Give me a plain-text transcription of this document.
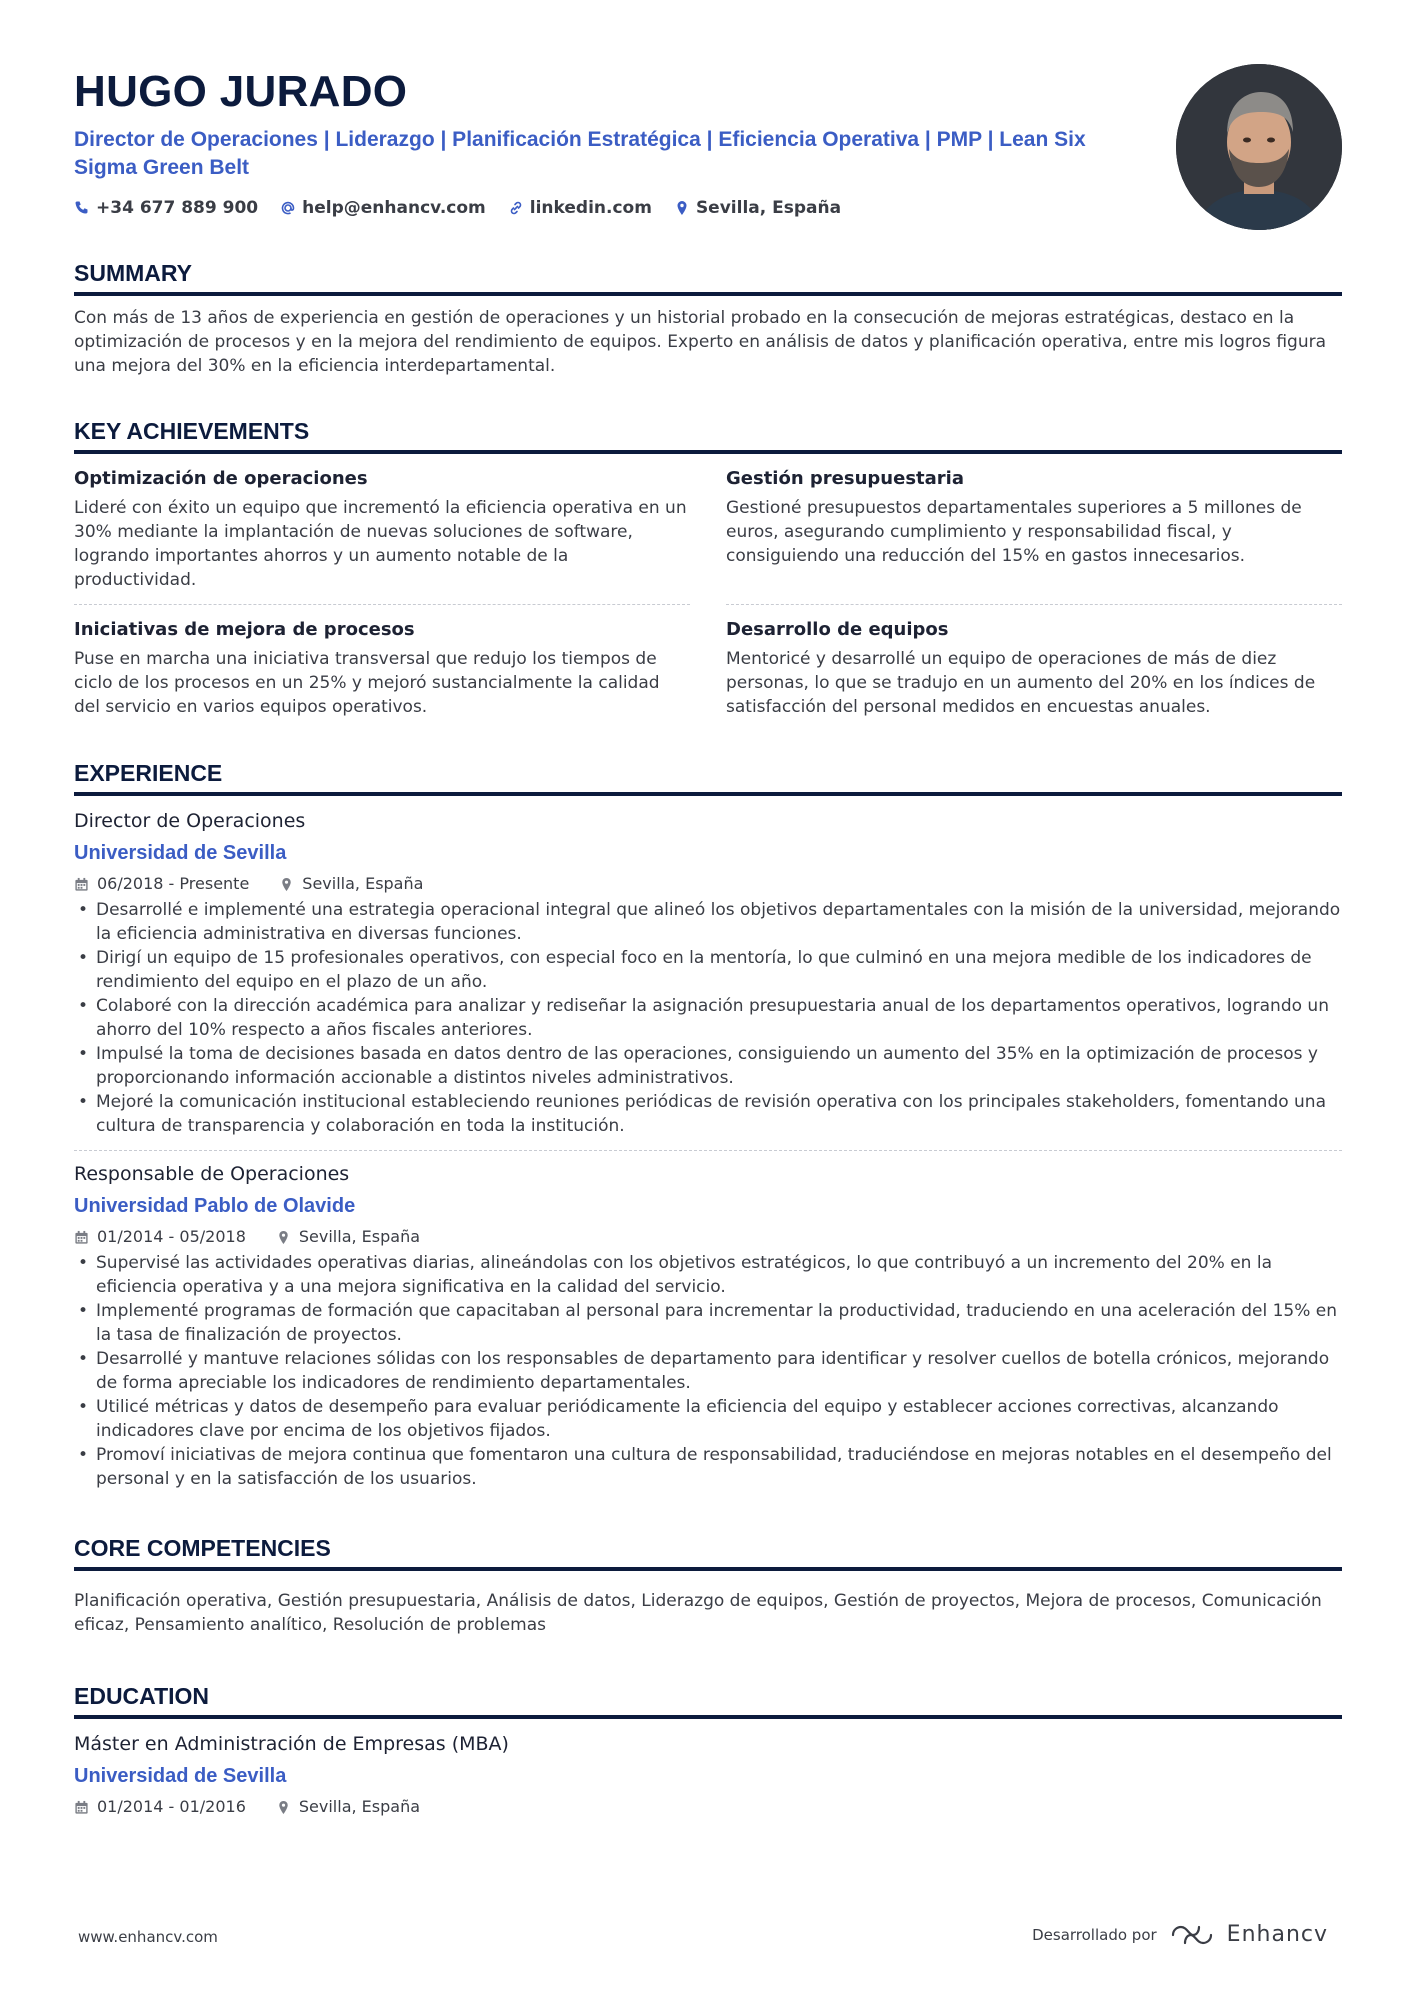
HUGO JURADO
Director de Operaciones | Liderazgo | Planificación Estratégica | Eficiencia Operativa | PMP | Lean Six Sigma Green Belt
+34 677 889 900	help@enhancv.com	linkedin.com	Sevilla, España
SUMMARY
Con más de 13 años de experiencia en gestión de operaciones y un historial probado en la consecución de mejoras estratégicas, destaco en la optimización de procesos y en la mejora del rendimiento de equipos. Experto en análisis de datos y planificación operativa, entre mis logros figura una mejora del 30% en la eficiencia interdepartamental.
KEY ACHIEVEMENTS
Optimización de operaciones
Lideré con éxito un equipo que incrementó la eficiencia operativa en un 30% mediante la implantación de nuevas soluciones de software, logrando importantes ahorros y un aumento notable de la productividad.
Gestión presupuestaria
Gestioné presupuestos departamentales superiores a 5 millones de euros, asegurando cumplimiento y responsabilidad fiscal, y consiguiendo una reducción del 15% en gastos innecesarios.
Iniciativas de mejora de procesos
Puse en marcha una iniciativa transversal que redujo los tiempos de ciclo de los procesos en un 25% y mejoró sustancialmente la calidad del servicio en varios equipos operativos.
Desarrollo de equipos
Mentoricé y desarrollé un equipo de operaciones de más de diez personas, lo que se tradujo en un aumento del 20% en los índices de satisfacción del personal medidos en encuestas anuales.
EXPERIENCE
Director de Operaciones
Universidad de Sevilla
06/2018 - Presente	Sevilla, España
• Desarrollé e implementé una estrategia operacional integral que alineó los objetivos departamentales con la misión de la universidad, mejorando la eficiencia administrativa en diversas funciones.
• Dirigí un equipo de 15 profesionales operativos, con especial foco en la mentoría, lo que culminó en una mejora medible de los indicadores de rendimiento del equipo en el plazo de un año.
• Colaboré con la dirección académica para analizar y rediseñar la asignación presupuestaria anual de los departamentos operativos, logrando un ahorro del 10% respecto a años fiscales anteriores.
• Impulsé la toma de decisiones basada en datos dentro de las operaciones, consiguiendo un aumento del 35% en la optimización de procesos y proporcionando información accionable a distintos niveles administrativos.
• Mejoré la comunicación institucional estableciendo reuniones periódicas de revisión operativa con los principales stakeholders, fomentando una cultura de transparencia y colaboración en toda la institución.
Responsable de Operaciones
Universidad Pablo de Olavide
01/2014 - 05/2018	Sevilla, España
• Supervisé las actividades operativas diarias, alineándolas con los objetivos estratégicos, lo que contribuyó a un incremento del 20% en la eficiencia operativa y a una mejora significativa en la calidad del servicio.
• Implementé programas de formación que capacitaban al personal para incrementar la productividad, traduciendo en una aceleración del 15% en la tasa de finalización de proyectos.
• Desarrollé y mantuve relaciones sólidas con los responsables de departamento para identificar y resolver cuellos de botella crónicos, mejorando de forma apreciable los indicadores de rendimiento departamentales.
• Utilicé métricas y datos de desempeño para evaluar periódicamente la eficiencia del equipo y establecer acciones correctivas, alcanzando indicadores clave por encima de los objetivos fijados.
• Promoví iniciativas de mejora continua que fomentaron una cultura de responsabilidad, traduciéndose en mejoras notables en el desempeño del personal y en la satisfacción de los usuarios.
CORE COMPETENCIES
Planificación operativa, Gestión presupuestaria, Análisis de datos, Liderazgo de equipos, Gestión de proyectos, Mejora de procesos, Comunicación eficaz, Pensamiento analítico, Resolución de problemas
EDUCATION
Máster en Administración de Empresas (MBA)
Universidad de Sevilla
01/2014 - 01/2016	Sevilla, España
www.enhancv.com	Desarrollado por	Enhancv
